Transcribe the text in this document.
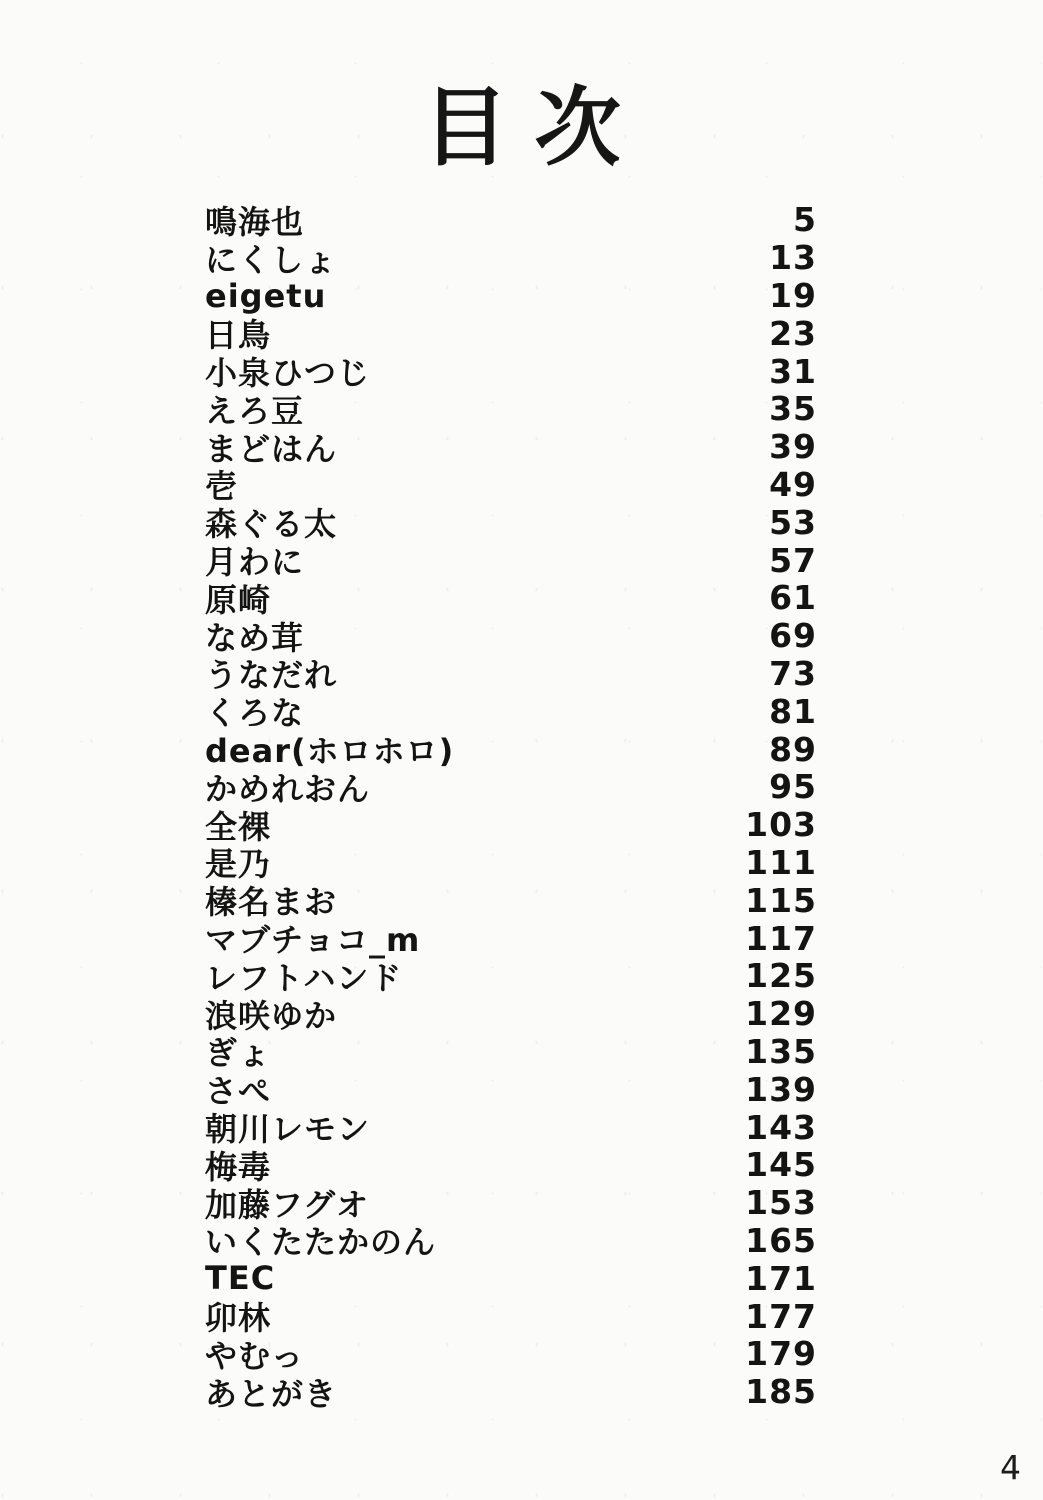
目次
鳴海也	5
にくしょ	13
eigetu	19
日鳥	23
小泉ひつじ	31
えろ豆	35
まどはん	39
壱	49
森ぐる太	53
月わに	57
原崎	61
なめ茸	69
うなだれ	73
くろな	81
dear(ホロホロ)	89
かめれおん	95
全裸	103
是乃	111
榛名まお	115
マブチョコ_m	117
レフトハンド	125
浪咲ゆか	129
ぎょ	135
さぺ	139
朝川レモン	143
梅毒	145
加藤フグオ	153
いくたたかのん	165
TEC	171
卯林	177
やむっ	179
あとがき	185
4
